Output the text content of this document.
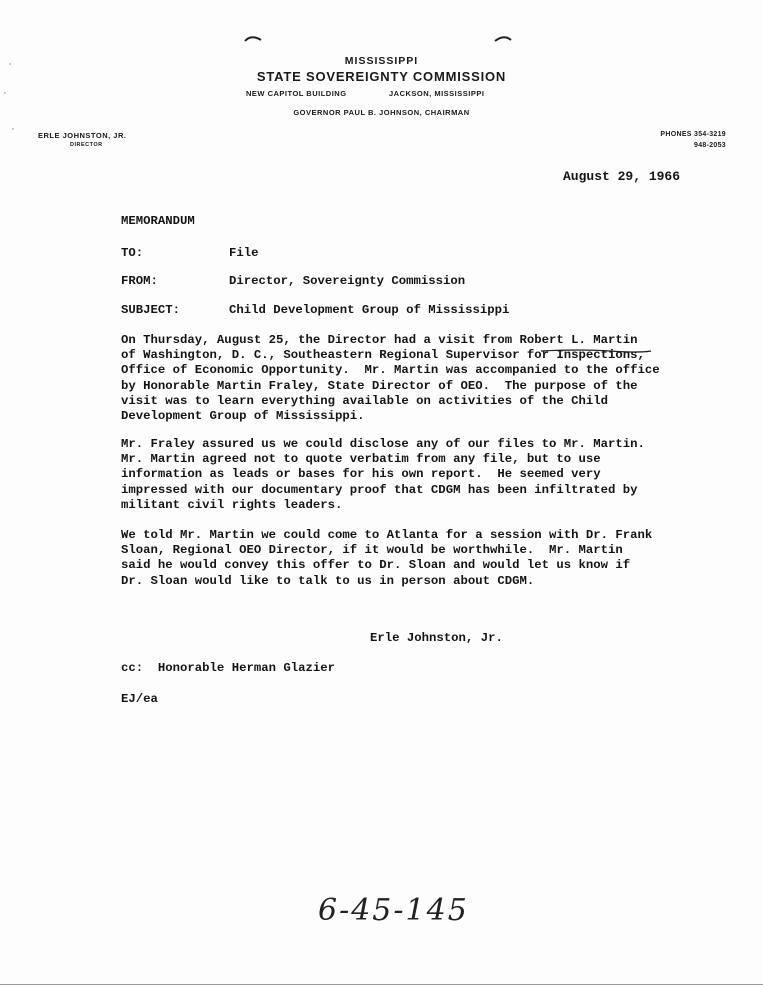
MISSISSIPPI
STATE SOVEREIGNTY COMMISSION
NEW CAPITOL BUILDING	JACKSON, MISSISSIPPI
GOVERNOR PAUL B. JOHNSON, CHAIRMAN
ERLE JOHNSTON, JR.
DIRECTOR
PHONES 354-3219
948-2053
August 29, 1966
MEMORANDUM
TO:	File
FROM:	Director, Sovereignty Commission
SUBJECT:	Child Development Group of Mississippi
On Thursday, August 25, the Director had a visit from Robert L. Martin
of Washington, D. C., Southeastern Regional Supervisor for Inspections,
Office of Economic Opportunity.  Mr. Martin was accompanied to the office
by Honorable Martin Fraley, State Director of OEO.  The purpose of the
visit was to learn everything available on activities of the Child
Development Group of Mississippi.
Mr. Fraley assured us we could disclose any of our files to Mr. Martin.
Mr. Martin agreed not to quote verbatim from any file, but to use
information as leads or bases for his own report.  He seemed very
impressed with our documentary proof that CDGM has been infiltrated by
militant civil rights leaders.
We told Mr. Martin we could come to Atlanta for a session with Dr. Frank
Sloan, Regional OEO Director, if it would be worthwhile.  Mr. Martin
said he would convey this offer to Dr. Sloan and would let us know if
Dr. Sloan would like to talk to us in person about CDGM.
Erle Johnston, Jr.
cc:  Honorable Herman Glazier
EJ/ea
6-45-145
